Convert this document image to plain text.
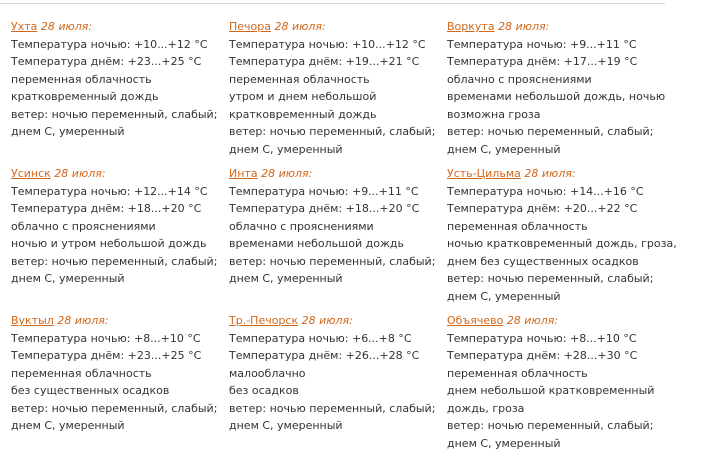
Ухта 28 июля:
Температура ночью: +10...+12 °С
Температура днём: +23...+25 °С
переменная облачность
кратковременный дождь
ветер: ночью переменный, слабый; днем С, умеренный
Печора 28 июля:
Температура ночью: +10...+12 °С
Температура днём: +19...+21 °С
переменная облачность
утром и днем небольшой
кратковременный дождь
ветер: ночью переменный, слабый; днем С, умеренный
Воркута 28 июля:
Температура ночью: +9...+11 °С
Температура днём: +17...+19 °С
облачно с прояснениями
временами небольшой дождь, ночью
возможна гроза
ветер: ночью переменный, слабый; днем С, умеренный
Усинск 28 июля:
Температура ночью: +12...+14 °С
Температура днём: +18...+20 °С
облачно с прояснениями
ночью и утром небольшой дождь
ветер: ночью переменный, слабый; днем С, умеренный
Инта 28 июля:
Температура ночью: +9...+11 °С
Температура днём: +18...+20 °С
облачно с прояснениями
временами небольшой дождь
ветер: ночью переменный, слабый; днем С, умеренный
Усть-Цильма 28 июля:
Температура ночью: +14...+16 °С
Температура днём: +20...+22 °С
переменная облачность
ночью кратковременный дождь, гроза,
днем без существенных осадков
ветер: ночью переменный, слабый; днем С, умеренный
Вуктыл 28 июля:
Температура ночью: +8...+10 °С
Температура днём: +23...+25 °С
переменная облачность
без существенных осадков
ветер: ночью переменный, слабый; днем С, умеренный
Тр.-Печорск 28 июля:
Температура ночью: +6...+8 °С
Температура днём: +26...+28 °С
малооблачно
без осадков
ветер: ночью переменный, слабый; днем С, умеренный
Объячево 28 июля:
Температура ночью: +8...+10 °С
Температура днём: +28...+30 °С
переменная облачность
днем небольшой кратковременный
дождь, гроза
ветер: ночью переменный, слабый; днем С, умеренный
